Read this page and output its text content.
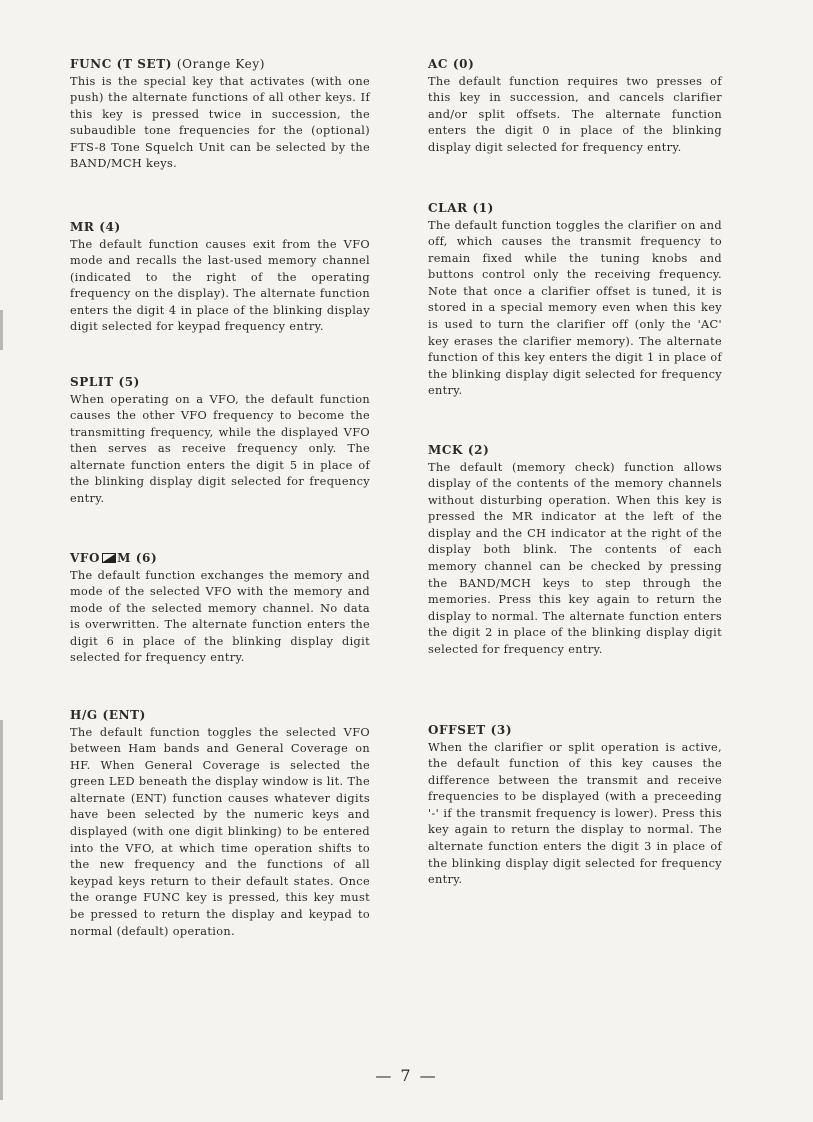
FUNC (T SET) (Orange Key)

This is the special key that activates (with one push) the alternate functions of all other keys. If this key is pressed twice in succession, the subaudible tone frequencies for the (optional) FTS-8 Tone Squelch Unit can be selected by the BAND/MCH keys.

MR (4)

The default function causes exit from the VFO mode and recalls the last-used memory channel (indicated to the right of the operating frequency on the display). The alternate function enters the digit 4 in place of the blinking display digit selected for keypad frequency entry.

SPLIT (5)

When operating on a VFO, the default function causes the other VFO frequency to become the transmitting frequency, while the displayed VFO then serves as receive frequency only. The alternate function enters the digit 5 in place of the blinking display digit selected for frequency entry.

VFO M (6)

The default function exchanges the memory and mode of the selected VFO with the memory and mode of the selected memory channel. No data is overwritten. The alternate function enters the digit 6 in place of the blinking display digit selected for frequency entry.

H/G (ENT)

The default function toggles the selected VFO between Ham bands and General Coverage on HF. When General Coverage is selected the green LED beneath the display window is lit. The alternate (ENT) function causes whatever digits have been selected by the numeric keys and displayed (with one digit blinking) to be entered into the VFO, at which time operation shifts to the new frequency and the functions of all keypad keys return to their default states. Once the orange FUNC key is pressed, this key must be pressed to return the display and keypad to normal (default) operation.

AC (0)

The default function requires two presses of this key in succession, and cancels clarifier and/or split offsets. The alternate function enters the digit 0 in place of the blinking display digit selected for frequency entry.

CLAR (1)

The default function toggles the clarifier on and off, which causes the transmit frequency to remain fixed while the tuning knobs and buttons control only the receiving frequency. Note that once a clarifier offset is tuned, it is stored in a special memory even when this key is used to turn the clarifier off (only the 'AC' key erases the clarifier memory). The alternate function of this key enters the digit 1 in place of the blinking display digit selected for frequency entry.

MCK (2)

The default (memory check) function allows display of the contents of the memory channels without disturbing operation. When this key is pressed the MR indicator at the left of the display and the CH indicator at the right of the display both blink. The contents of each memory channel can be checked by pressing the BAND/MCH keys to step through the memories. Press this key again to return the display to normal. The alternate function enters the digit 2 in place of the blinking display digit selected for frequency entry.

OFFSET (3)

When the clarifier or split operation is active, the default function of this key causes the difference between the transmit and receive frequencies to be displayed (with a preceeding '-' if the transmit frequency is lower). Press this key again to return the display to normal. The alternate function enters the digit 3 in place of the blinking display digit selected for frequency entry.

— 7 —
